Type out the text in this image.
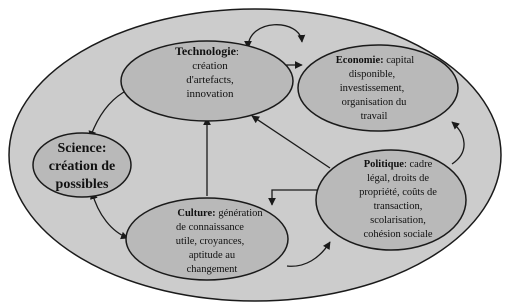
Technologie:
création
d'artefacts,
innovation
Economie: capital
disponible,
investissement,
organisation du
travail
Science:
création de
possibles
Politique: cadre
légal, droits de
propriété, coûts de
transaction,
scolarisation,
cohésion sociale
Culture: génération
de connaissance
utile, croyances,
aptitude au
changement
